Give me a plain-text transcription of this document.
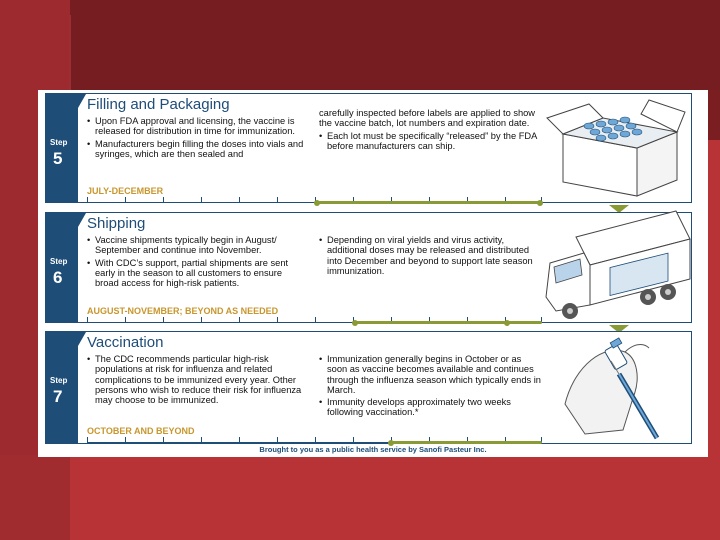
Step
5
Filling and Packaging
• Upon FDA approval and licensing, the vaccine is released for distribution in time for immunization.
• Manufacturers begin filling the doses into vials and syringes, which are then sealed and
carefully inspected before labels are applied to show the vaccine batch, lot numbers and expiration date.
• Each lot must be specifically “released” by the FDA before manufacturers can ship.
JULY-DECEMBER
Step
6
Shipping
• Vaccine shipments typically begin in August/ September and continue into November.
• With CDC’s support, partial shipments are sent early in the season to all customers to ensure broad access for high-risk patients.
• Depending on viral yields and virus activity, additional doses may be released and distributed into December and beyond to support late season immunization.
AUGUST-NOVEMBER; BEYOND AS NEEDED
Step
7
Vaccination
• The CDC recommends particular high-risk populations at risk for influenza and related complications to be immunized every year. Other persons who wish to reduce their risk for influenza may choose to be immunized.
• Immunization generally begins in October or as soon as vaccine becomes available and continues through the influenza season which typically ends in March.
• Immunity develops approximately two weeks following vaccination.*
OCTOBER AND BEYOND
Brought to you as a public health service by Sanofi Pasteur Inc.
